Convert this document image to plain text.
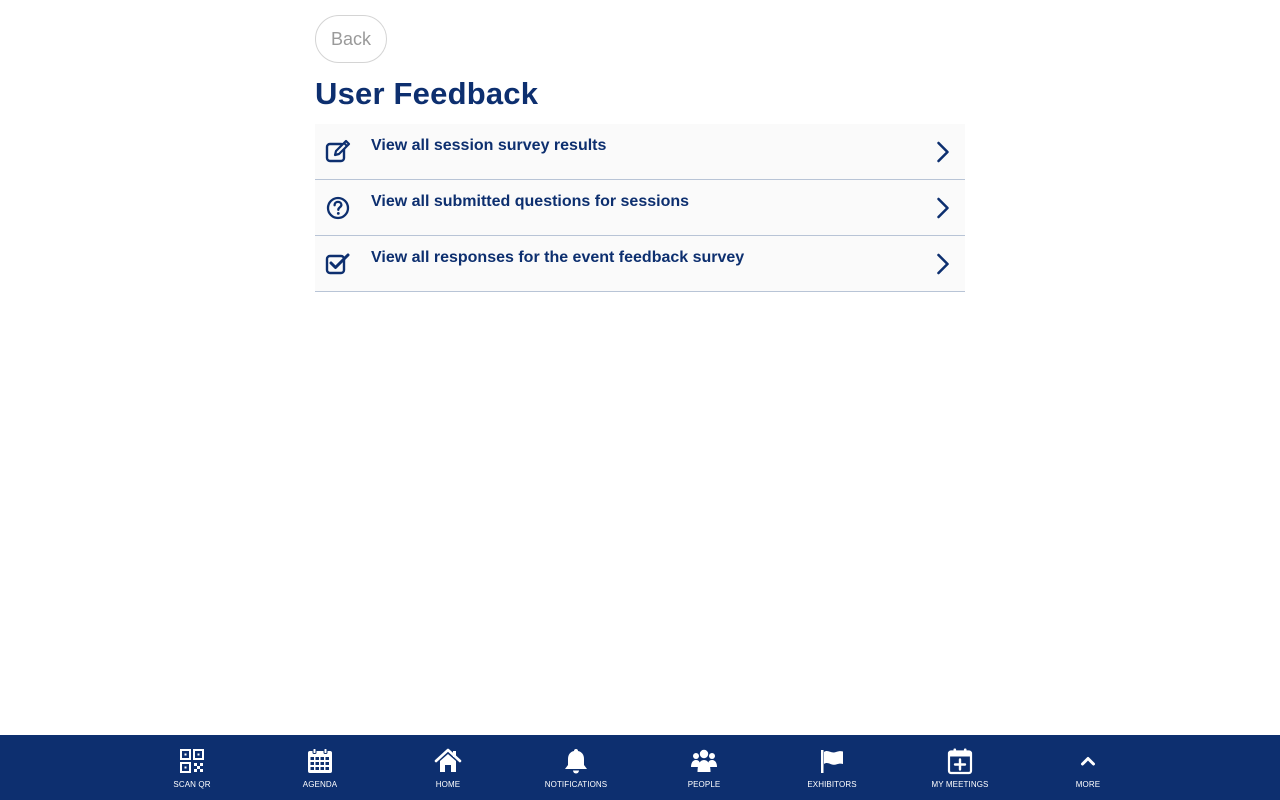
Back
User Feedback
View all session survey results
View all submitted questions for sessions
View all responses for the event feedback survey
SCAN QR	AGENDA	HOME	NOTIFICATIONS	PEOPLE	EXHIBITORS	MY MEETINGS	MORE
